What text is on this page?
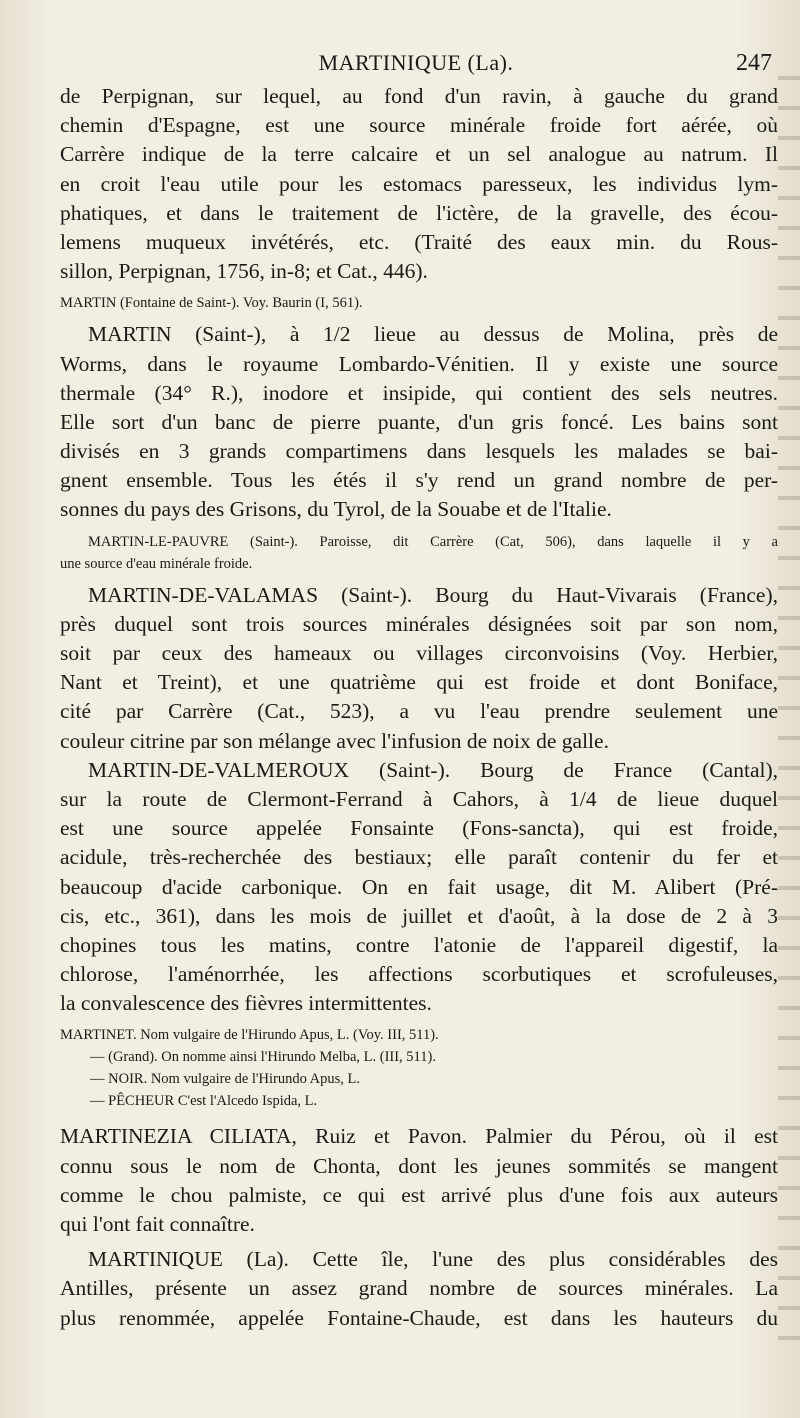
MARTINIQUE (La).	247
de Perpignan, sur lequel, au fond d'un ravin, à gauche du grand
chemin d'Espagne, est une source minérale froide fort aérée, où
Carrère indique de la terre calcaire et un sel analogue au natrum. Il
en croit l'eau utile pour les estomacs paresseux, les individus lym-
phatiques, et dans le traitement de l'ictère, de la gravelle, des écou-
lemens muqueux invétérés, etc. (Traité des eaux min. du Rous-
sillon, Perpignan, 1756, in-8; et Cat., 446).
MARTIN (Fontaine de Saint-). Voy. Baurin (I, 561).
MARTIN (Saint-), à 1/2 lieue au dessus de Molina, près de
Worms, dans le royaume Lombardo-Vénitien. Il y existe une source
thermale (34° R.), inodore et insipide, qui contient des sels neutres.
Elle sort d'un banc de pierre puante, d'un gris foncé. Les bains sont
divisés en 3 grands compartimens dans lesquels les malades se bai-
gnent ensemble. Tous les étés il s'y rend un grand nombre de per-
sonnes du pays des Grisons, du Tyrol, de la Souabe et de l'Italie.
MARTIN-LE-PAUVRE (Saint-). Paroisse, dit Carrère (Cat, 506), dans laquelle il y a
une source d'eau minérale froide.
MARTIN-DE-VALAMAS (Saint-). Bourg du Haut-Vivarais (France),
près duquel sont trois sources minérales désignées soit par son nom,
soit par ceux des hameaux ou villages circonvoisins (Voy. Herbier,
Nant et Treint), et une quatrième qui est froide et dont Boniface,
cité par Carrère (Cat., 523), a vu l'eau prendre seulement une
couleur citrine par son mélange avec l'infusion de noix de galle.
MARTIN-DE-VALMEROUX (Saint-). Bourg de France (Cantal),
sur la route de Clermont-Ferrand à Cahors, à 1/4 de lieue duquel
est une source appelée Fonsainte (Fons-sancta), qui est froide,
acidule, très-recherchée des bestiaux; elle paraît contenir du fer et
beaucoup d'acide carbonique. On en fait usage, dit M. Alibert (Pré-
cis, etc., 361), dans les mois de juillet et d'août, à la dose de 2 à 3
chopines tous les matins, contre l'atonie de l'appareil digestif, la
chlorose, l'aménorrhée, les affections scorbutiques et scrofuleuses,
la convalescence des fièvres intermittentes.
MARTINET. Nom vulgaire de l'Hirundo Apus, L. (Voy. III, 511).
— (Grand). On nomme ainsi l'Hirundo Melba, L. (III, 511).
— NOIR. Nom vulgaire de l'Hirundo Apus, L.
— PÊCHEUR C'est l'Alcedo Ispida, L.
MARTINEZIA CILIATA, Ruiz et Pavon. Palmier du Pérou, où il est
connu sous le nom de Chonta, dont les jeunes sommités se mangent
comme le chou palmiste, ce qui est arrivé plus d'une fois aux auteurs
qui l'ont fait connaître.
MARTINIQUE (La). Cette île, l'une des plus considérables des
Antilles, présente un assez grand nombre de sources minérales. La
plus renommée, appelée Fontaine-Chaude, est dans les hauteurs du
